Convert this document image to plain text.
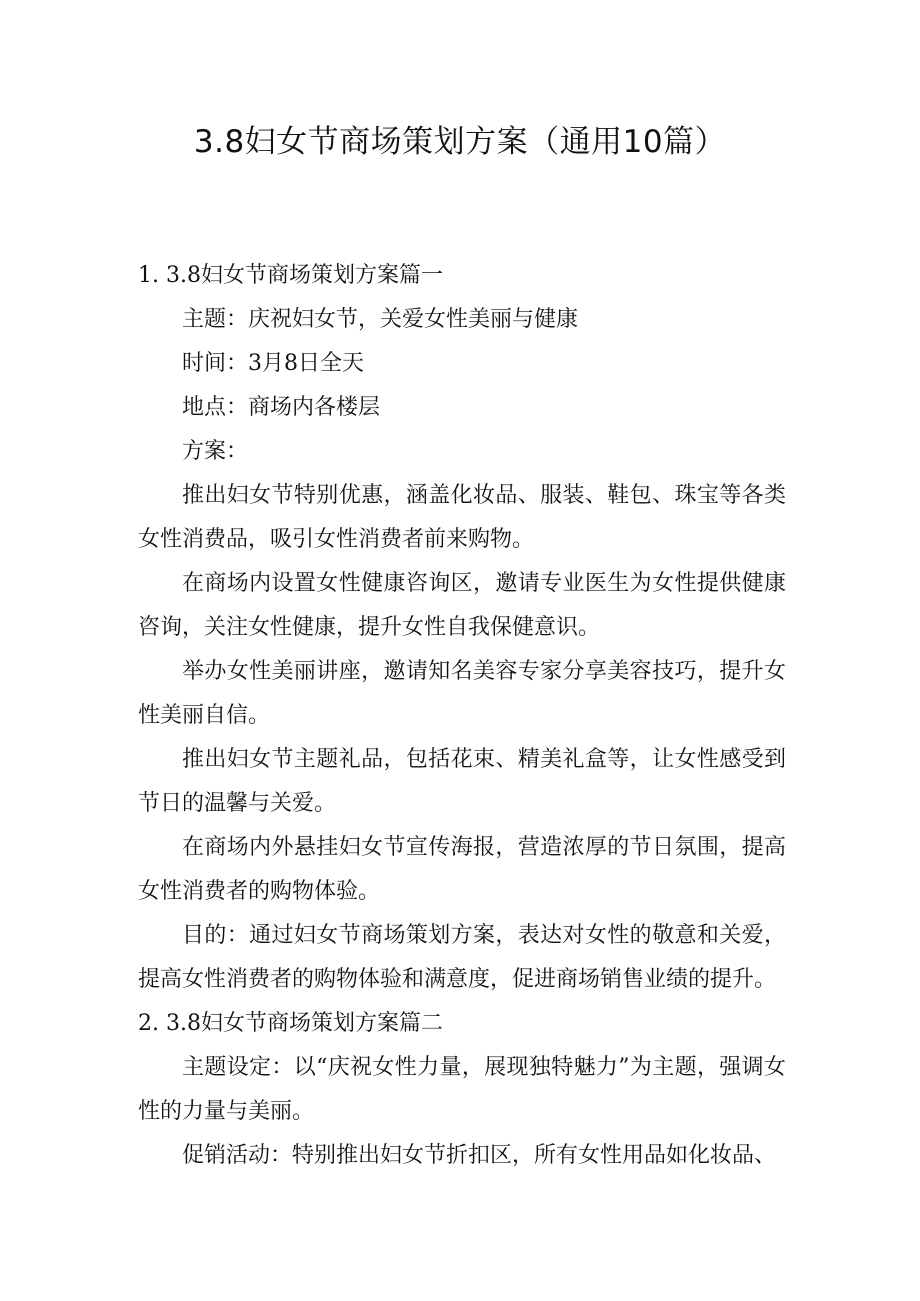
3.8妇女节商场策划方案（通用10篇）

1. 3.8妇女节商场策划方案篇一

主题：庆祝妇女节，关爱女性美丽与健康

时间：3月8日全天

地点：商场内各楼层

方案：

推出妇女节特别优惠，涵盖化妆品、服装、鞋包、珠宝等各类女性消费品，吸引女性消费者前来购物。

在商场内设置女性健康咨询区，邀请专业医生为女性提供健康咨询，关注女性健康，提升女性自我保健意识。

举办女性美丽讲座，邀请知名美容专家分享美容技巧，提升女性美丽自信。

推出妇女节主题礼品，包括花束、精美礼盒等，让女性感受到节日的温馨与关爱。

在商场内外悬挂妇女节宣传海报，营造浓厚的节日氛围，提高女性消费者的购物体验。

目的：通过妇女节商场策划方案，表达对女性的敬意和关爱，提高女性消费者的购物体验和满意度，促进商场销售业绩的提升。

2. 3.8妇女节商场策划方案篇二

主题设定：以“庆祝女性力量，展现独特魅力”为主题，强调女性的力量与美丽。

促销活动：特别推出妇女节折扣区，所有女性用品如化妆品、
